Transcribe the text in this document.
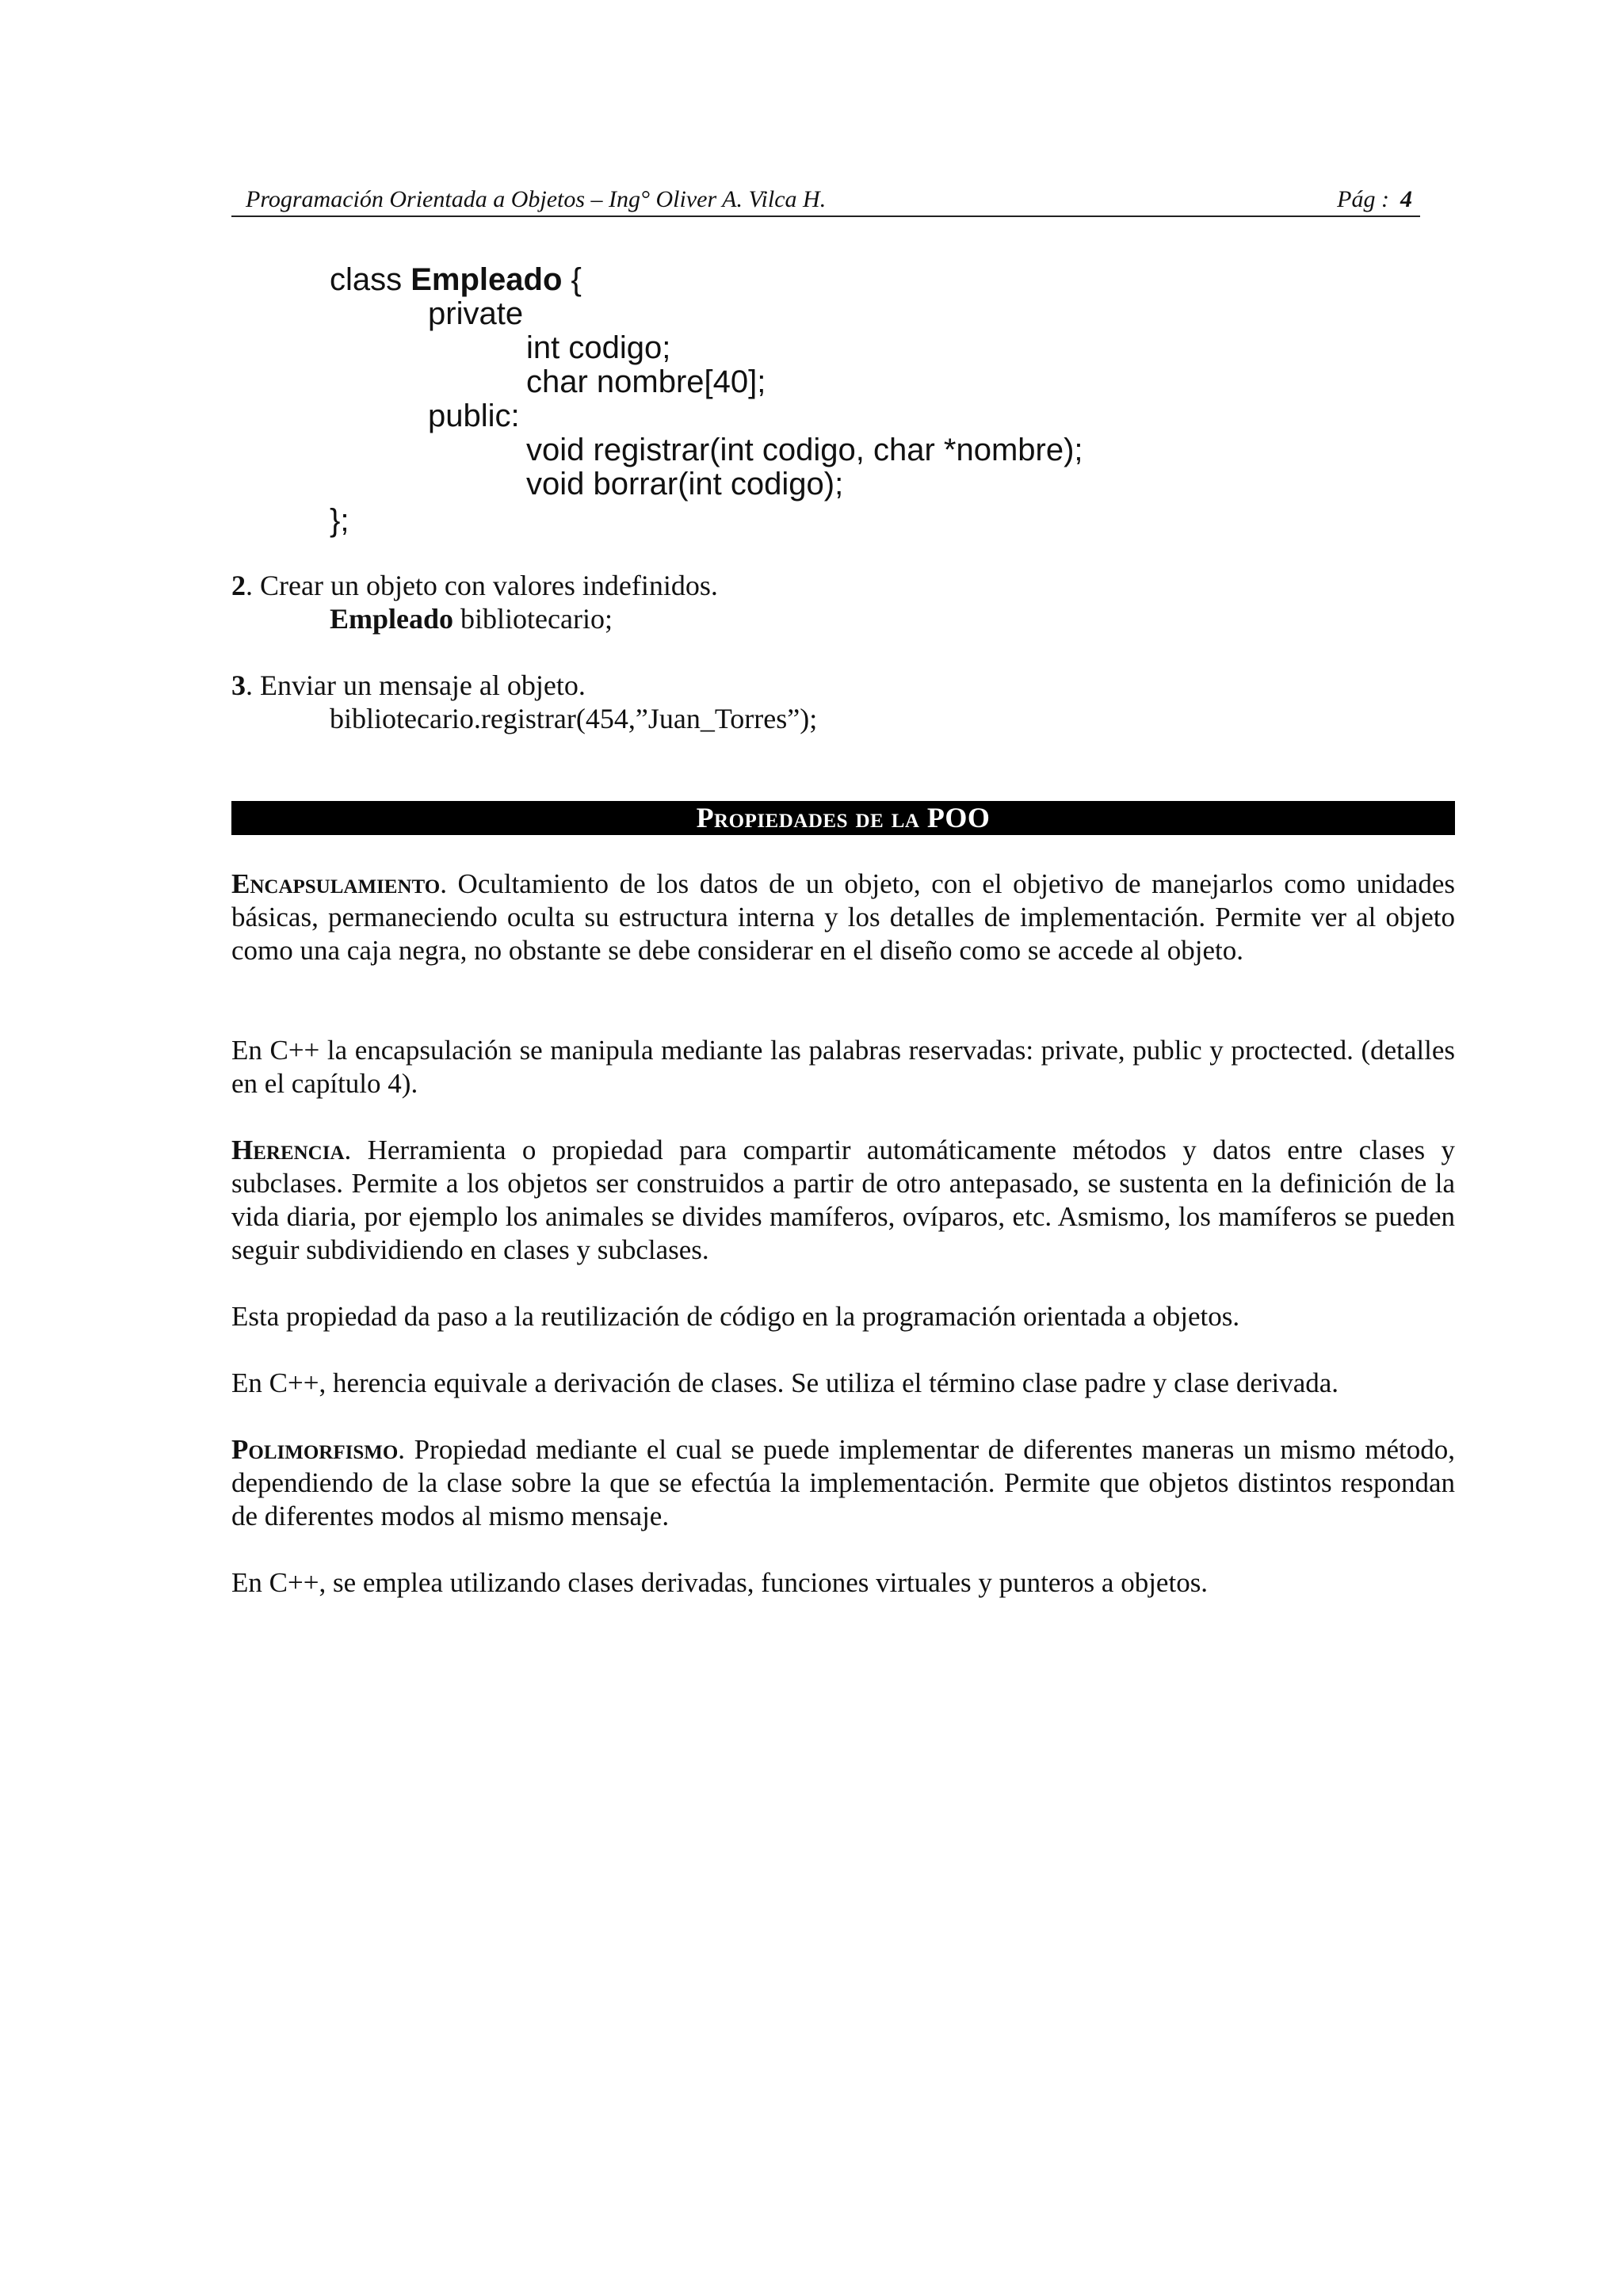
Programación Orientada a Objetos – Ing° Oliver A. Vilca H.	Pág : 4
class Empleado {
private
int codigo;
char nombre[40];
public:
void registrar(int codigo, char *nombre);
void borrar(int codigo);
};
2. Crear un objeto con valores indefinidos.
Empleado bibliotecario;
3. Enviar un mensaje al objeto.
bibliotecario.registrar(454,”Juan_Torres”);
Propiedades de la POO
Encapsulamiento. Ocultamiento de los datos de un objeto, con el objetivo de manejarlos como unidades básicas, permaneciendo oculta su estructura interna y los detalles de implementación. Permite ver al objeto como una caja negra, no obstante se debe considerar en el diseño como se accede al objeto.
En C++ la encapsulación se manipula mediante las palabras reservadas: private, public y proctected. (detalles en el capítulo 4).
Herencia. Herramienta o propiedad para compartir automáticamente métodos y datos entre clases y subclases. Permite a los objetos ser construidos a partir de otro antepasado, se sustenta en la definición de la vida diaria, por ejemplo los animales se divides mamíferos, ovíparos, etc. Asmismo, los mamíferos se pueden seguir subdividiendo en clases y subclases.
Esta propiedad da paso a la reutilización de código en la programación orientada a objetos.
En C++, herencia equivale a derivación de clases. Se utiliza el término clase padre y clase derivada.
Polimorfismo. Propiedad mediante el cual se puede implementar de diferentes maneras un mismo método, dependiendo de la clase sobre la que se efectúa la implementación. Permite que objetos distintos respondan de diferentes modos al mismo mensaje.
En C++, se emplea utilizando clases derivadas, funciones virtuales y punteros a objetos.
